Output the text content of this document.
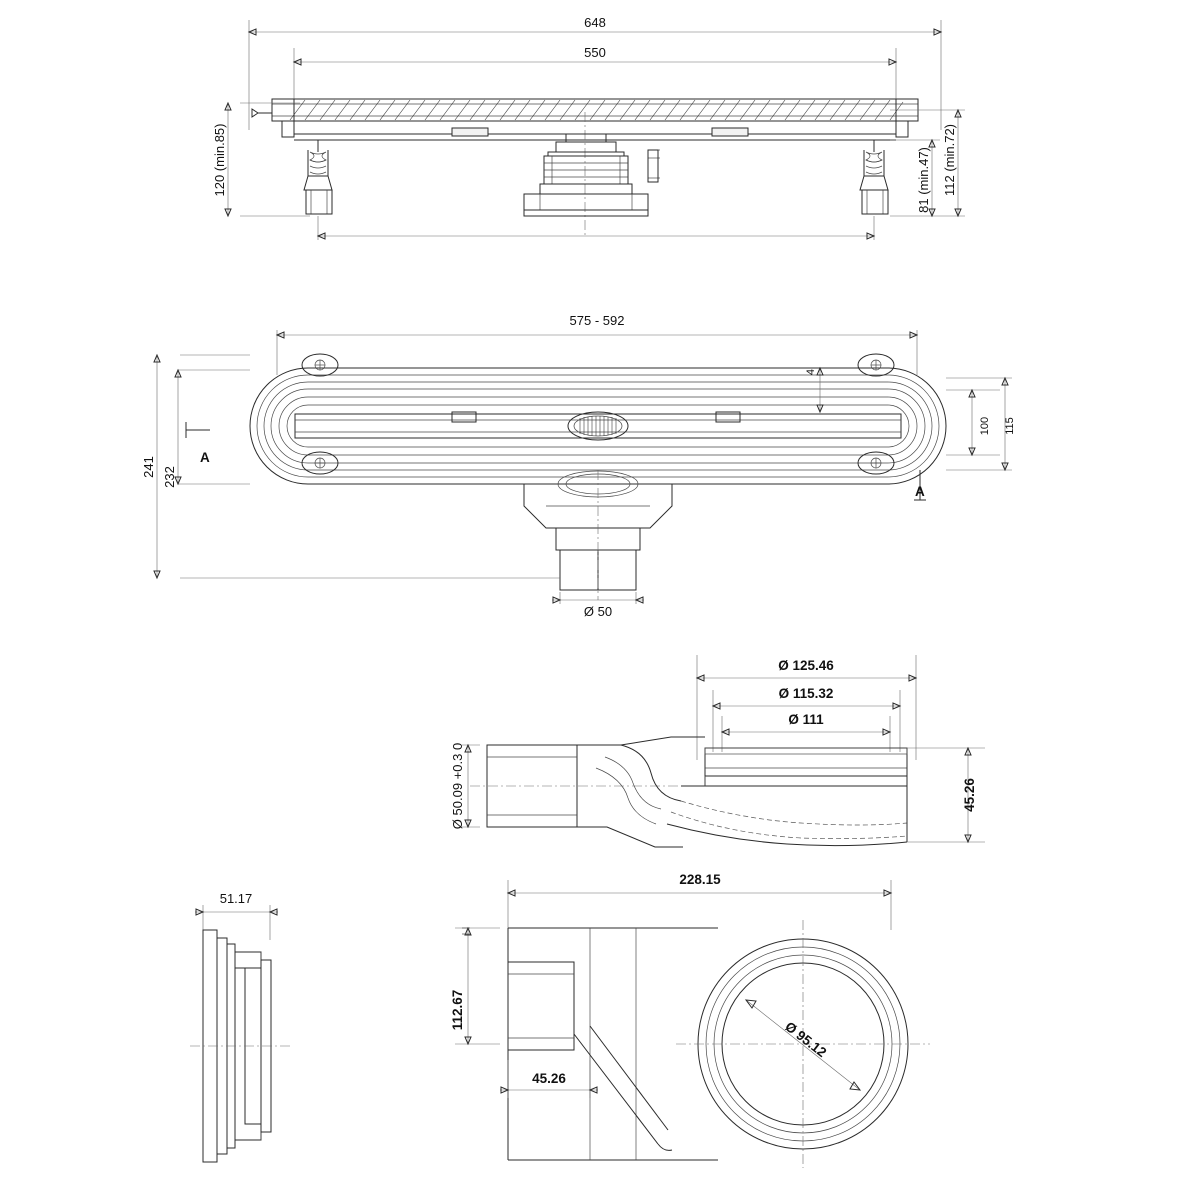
648
550
120 (min.85)	112 (min.72)
81 (min.47)
575 - 592
Ø 50
A
A
241 232
100 115
4
Ø 125.46
Ø 115.32
Ø 111
Ø 50.09 +0.3 0	45.26
51.17
228.15
Ø 95.12
112.67
45.26
